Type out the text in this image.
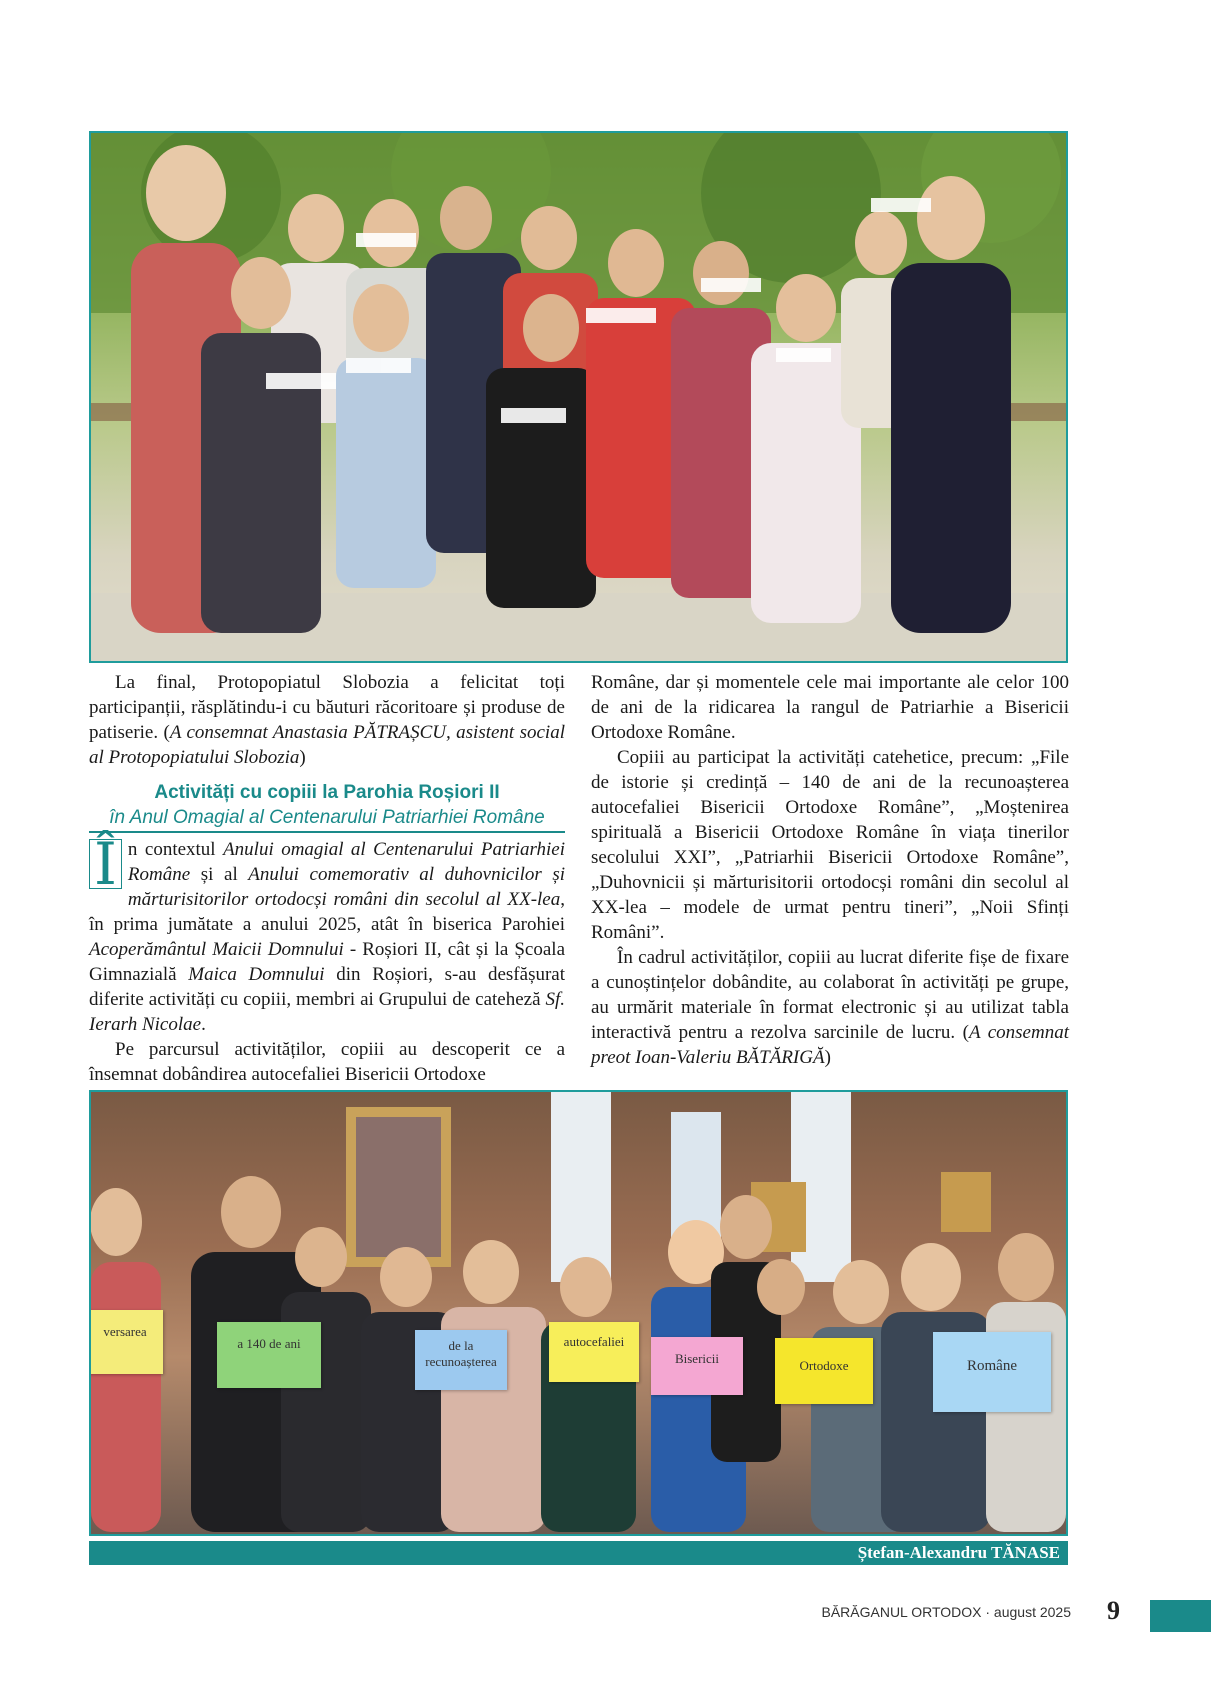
La final, Protopopiatul Slobozia a felicitat toți participanții, răsplătindu-i cu băuturi răcoritoare și produse de patiserie. (A consemnat Anastasia PĂTRAȘCU, asistent social al Protopopiatului Slobozia)

Activități cu copiii la Parohia Roșiori II
în Anul Omagial al Centenarului Patriarhiei Române

Î n contextul Anului omagial al Centenarului Patriarhiei Române și al Anului comemorativ al duhovnicilor și mărturisitorilor ortodocși români din secolul al XX-lea, în prima jumătate a anului 2025, atât în biserica Parohiei Acoperământul Maicii Domnului - Roșiori II, cât și la Școala Gimnazială Maica Domnului din Roșiori, s-au desfășurat diferite activități cu copiii, membri ai Grupului de cateheză Sf. Ierarh Nicolae.

Pe parcursul activităților, copiii au descoperit ce a însemnat dobândirea autocefaliei Bisericii Ortodoxe

Române, dar și momentele cele mai importante ale celor 100 de ani de la ridicarea la rangul de Patriarhie a Bisericii Ortodoxe Române.

Copiii au participat la activități catehetice, precum: „File de istorie și credință – 140 de ani de la recunoașterea autocefaliei Bisericii Ortodoxe Române”, „Moștenirea spirituală a Bisericii Ortodoxe Române în viața tinerilor secolului XXI”, „Patriarhii Bisericii Ortodoxe Române”, „Duhovnicii și mărturisitorii ortodocși români din secolul al XX-lea – modele de urmat pentru tineri”, „Noii Sfinți Români”.

În cadrul activităților, copiii au lucrat diferite fișe de fixare a cunoștințelor dobândite, au colaborat în activități pe grupe, au urmărit materiale în format electronic și au utilizat tabla interactivă pentru a rezolva sarcinile de lucru. (A consemnat preot Ioan-Valeriu BĂTĂRIGĂ)

versarea
a 140 de ani	de la recunoașterea
autocefaliei
Bisericii	Ortodoxe	Române
Ștefan-Alexandru TĂNASE
BĂRĂGANUL ORTODOX · august 2025 9
